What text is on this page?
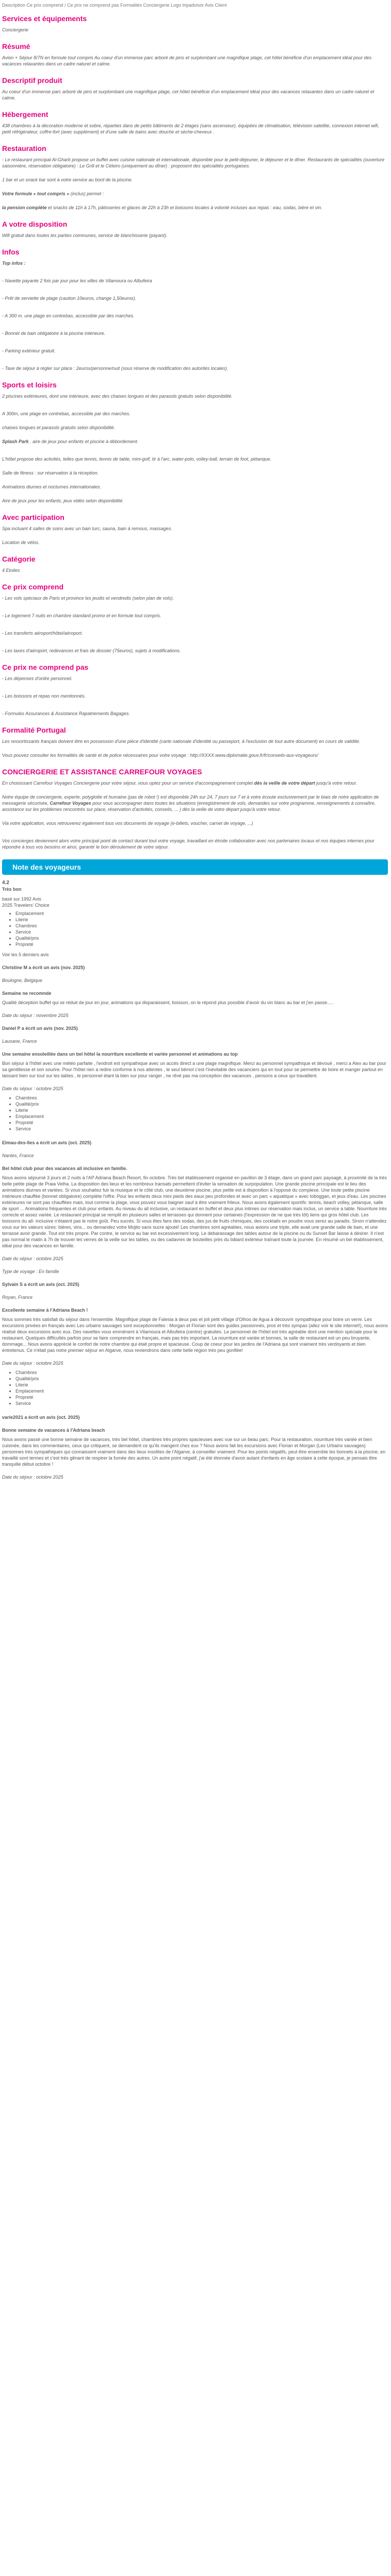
Description Ce prix comprend / Ce prix ne comprend pas Formalités Conciergerie Logo tripadvisor Avis Client
Services et équipements

Conciergerie

Résumé

Avion + Séjour 8/7N en formule tout compris Au coeur d'un immense parc arboré de pins et surplombant une magnifique plage, cet hôtel bénéficie d'un emplacement idéal pour des vacances relaxantes dans un cadre naturel et calme.

Descriptif produit

Au coeur d'un immense parc arboré de pins et surplombant une magnifique plage, cet hôtel bénéficie d'un emplacement idéal pour des vacances relaxantes dans un cadre naturel et calme.

Hébergement

438 chambres à la décoration moderne et sobre, réparties dans de petits bâtiments de 2 étages (sans ascenseur). équipées de climatisation, télévision satellite, connexion internet wifi, petit réfrigérateur, coffre-fort (avec supplément) et d'une salle de bains avec douche et sèche-cheveux .

Restauration

- Le restaurant principal Al-Gharb propose un buffet avec cuisine nationale et internationale, disponible pour le petit-déjeuner, le déjeuner et le dîner. Restaurants de spécialités (ouverture saisonnière, réservation obligatoire) : Le Grill et le Céleiro (uniquement au dîner) : proposent des spécialités portugaises.

1 bar et un snack bar sont à votre service au bord de la piscine.

Votre formule « tout compris » (inclus) permet :

la pension complète et snacks de 11h à 17h, pâtisseries et glaces de 22h à 23h et boissons locales à volonté incluses aux repas : eau, sodas, bière et vin.

A votre disposition

Wifi gratuit dans toutes les parties communes, service de blanchisserie (payant).

Infos

Top infos :

- Navette payante 2 fois par jour pour les villes de Vilamoura ou Albufeira

- Prêt de serviette de plage (caution 10euros, change 1,50euros).

- A 300 m. une plage en contrebas, accessible par des marches.

- Bonnet de bain obligatoire à la piscine intérieure.

- Parking extérieur gratuit.

- Taxe de séjour à régler sur place : 2euros/personne/nuit (sous réserve de modification des autorités locales).

Sports et loisirs

2 piscines extérieures, dont une intérieure, avec des chaises longues et des parasols gratuits selon disponibilité.

A 300m, une plage en contrebas, accessible par des marches.

chaises longues et parasols gratuits selon disponibilité.

Splash Park , aire de jeux pour enfants et piscine à débordement.

L'hôtel propose des activités, telles que tennis, tennis de table, mini-golf, tir à l'arc, water-polo, volley-ball, terrain de foot, pétanque.

Salle de fitness : sur réservation à la réception.

Animations diurnes et nocturnes internationales.

Aire de jeux pour les enfants, jeux vidéo selon disponibilité.

Avec participation

Spa incluant 4 salles de soins avec un bain turc, sauna, bain à remous, massages.

Location de vélos.

Catégorie

4 Etoiles

Ce prix comprend

- Les vols spéciaux de Paris et province les jeudis et vendredis (selon plan de vols).

- Le logement 7 nuits en chambre standard promo et en formule tout compris.

- Les transferts aéroport/hôtel/aéroport.

- Les taxes d'aéroport, redevances et frais de dossier (75euros), sujets à modifications.

Ce prix ne comprend pas

- Les dépenses d'ordre personnel.

- Les boissons et repas non mentionnés.

- Formules Assurances & Assistance Rapatriements Bagages.

Formalité Portugal

Les ressortissants français doivent être en possession d'une pièce d'identité (carte nationale d'identité ou passeport, à l'exclusion de tout autre document) en cours de validité.

Vous pouvez consulter les formalités de santé et de police nécessaires pour votre voyage : http://XXXX.www.diplomatie.gouv.fr/fr/conseils-aux-voyageurs/

CONCIERGERIE ET ASSISTANCE CARREFOUR VOYAGES

En choisissant Carrefour Voyages Conciergerie pour votre séjour, vous optez pour un service d'accompagnement complet dès la veille de votre départ jusqu'à votre retour.

Notre équipe de conciergerie, experte, polyglotte et humaine (pas de robot !) est disponible 24h sur 24, 7 jours sur 7 et à votre écoute exclusivement par le biais de notre application de messagerie sécurisée, Carrefour Voyages pour vous accompagner dans toutes les situations (enregistrement de vols, demandes sur votre programme, renseignements à connaître, assistance sur les problèmes rencontrés sur place, réservation d'activités, conseils, ... ) dès la veille de votre départ jusqu'à votre retour.

Via votre application, vous retrouverez également tous vos documents de voyage (e-billets, voucher, carnet de voyage, ...)

Vos concierges deviennent alors votre principal point de contact durant tout votre voyage, travaillant en étroite collaboration avec nos partenaires locaux et nos équipes internes pour répondre à tous vos besoins et ainsi, garantir le bon déroulement de votre séjour.

Note des voyageurs
4.2
Très bon
basé sur 1992 Avis
2025 Travelers' Choice
• Emplacement
• Literie
• Chambres
• Service
• Qualité/prix
• Propreté

Voir les 5 derniers avis

Christine M a écrit un avis (nov. 2025)

Boulogne, Belgique

Semaine ne recomnde

Qualité déception buffet qui se réduit de jour en jour, animations qui disparaissent, boisson, on le répond plus possible d'avoir du vin blanc au bar et j'en passe.....

Date du séjour : novembre 2025

Daniel P a écrit un avis (nov. 2025)

Lausane, France

Une semaine ensoleillée dans un bel hôtel la nourriture excellente et variée personnel et animations au top

Bon séjour à l'hôtel avec une météo parfaite , l'endroit est sympathique avec un accès direct a une plage magnifique. Merci au personnel sympathique et dévoué , merci a Alex au bar pour sa gentillesse et son sourire. Pour l'hôtel rien a redire conforme à nos attentes , le seul bémol c'est l'inévitable des vacanciers qui en tout pour se permettre de boire et manger partout en laissant bien sur tout sur les tables , le personnel étant là bien sur pour ranger , ne rêvé pas ma conception des vacances , pensons a ceux qui travaillent.

Date du séjour : octobre 2025

• Chambres
• Qualité/prix
• Literie
• Emplacement
• Propreté
• Service

Elmau-des-lles a écrit un avis (oct. 2025)

Nantes, France

Bel hôtel club pour des vacances all inclusive en famille.

Nous avons séjourné 3 jours et 2 nuits à l'AP Adriana Beach Resort, fin octobre. Très bel établissement organisé en pavillon de 3 étage, dans un grand parc paysagé, à proximité de la très belle petite plage de Praia Velha. La disposition des lieux et les nombreux transats permettent d'éviter la sensation de surpopulation. Une grande piscine principale est le lieu des animations diurnes et variées. Si vous souhaitez fuir la musique et le côté club, une deuxième piscine, plus petite est à disposition à l'opposé du complexe. Une toute petite piscine intérieure chauffée (bonnet obligatoire) complète l'offre. Pour les enfants deux mini pieds des eaux peu profondes et avec un parc « aquatique » avec toboggan, et jeux d'eau. Les piscines extérieures ne sont pas chauffées mais, tout comme la plage, vous pouvez vous baigner sauf à être vraiment frileux. Nous avons également sportifs: tennis, beach volley, pétanque, salle de sport ... Animations fréquentes et club pour enfants. Au niveau du all inclusive, un restaurant en buffet et deux plus intimes sur réservation mais inclus, un service a table. Nourriture très correcte et assez variée. Le restaurant principal se remplit en plusieurs salles et terrasses qui donnent pour certaines (l'expression de ne que très tôt) liens qui gros hôtel club. Les boissons du all- inclusive n'étaient pas le notre goût. Peu sucrés. Si vous êtes fans des sodas, des jus de fruits chimiques, des cocktails en poudre vous serez au paradis. Sinon n'attendez vous sur les valeurs sûres: bières, vins... ou demandez votre Mojito sans sucre ajouté! Les chambres sont agréables, nous avions une triple, elle avait une grande salle de bain, et une terrasse avoir grande. Tout est très propre. Par contre, le service au bar est excessivement long. Le debarassage des tables autour de la piscine ou du Sunset Bar laisse à désirer. Il n'est pas normal le matin à 7h de trouver les verres de la veille sur les tables, ou des cadavres de bouteilles près du bâtard extérieur traînant toute la journée. En résumé un bel établissement, idéal pour des vacances en famille.

Date du séjour : octobre 2025

Type de voyage : En famille

Sylvain S a écrit un avis (oct. 2025)

Royan, France

Excellente semaine à l'Adriana Beach !

Nous sommes très satisfait du séjour dans l'ensemble. Magnifique plage de Falesia à deux pas et joli petit village d'Olhos de Agua à découvrir sympathique pour boire un verre. Les excursions privées en français avec Les urbains sauvages sont exceptionnelles : Morgan et Florian sont des guides passionnés, pros et très sympas (allez voir le site internet!), nous avons réalisé deux excursions avec eux. Des navettes vous emmènent à Vilamoura et Albufeira (centre) gratuites. Le personnel de l'hôtel est très agréable dont une mention spéciale pour le restaurant. Quelques difficultés parfois pour se faire comprendre en français, mais pas très important. La nourriture est variée et bonnes, la salle de restaurant est un peu bruyante, dommage... Nous avons apprécié le confort de notre chambre qui était propre et spacieuse. Coup de coeur pour les jardins de l'Adriana qui sont vraiment très verdoyants et bien entretenus. Ce n'était pas notre premier séjour en Algarve, nous reviendrons dans cette belle région très peu gonflée!

Date du séjour : octobre 2025

• Chambres
• Qualité/prix
• Literie
• Emplacement
• Propreté
• Service

varie2021 a écrit un avis (oct. 2025)

Bonne semaine de vacances à l'Adriana beach

Nous avons passé une bonne semaine de vacances, très bel hôtel, chambres très propres spacieuses avec vue sur un beau parc. Pour la restauration, nourriture très variée et bien cuisinée, dans les commentaires, ceux qui critiquent, se demandent ce qu'ils mangent chez eux ? Nous avons fait les excursions avec Florian et Morgan (Les Urbains sauvages) personnes très sympathiques qui connaissent vraiment dans des lieux insolites de l'Algarve, à conseiller vraiment. Pour les points négatifs, peut être ensemble les bonnets à la piscine, en travaillé sont termes et c'est très gênant de respirer la fumée des autres. Un autre point négatif, j'ai été étonnée d'avoir autant d'enfants en âge scolaire à cette époque, je pensais être tranquille début octobre !

Date du séjour : octobre 2025
